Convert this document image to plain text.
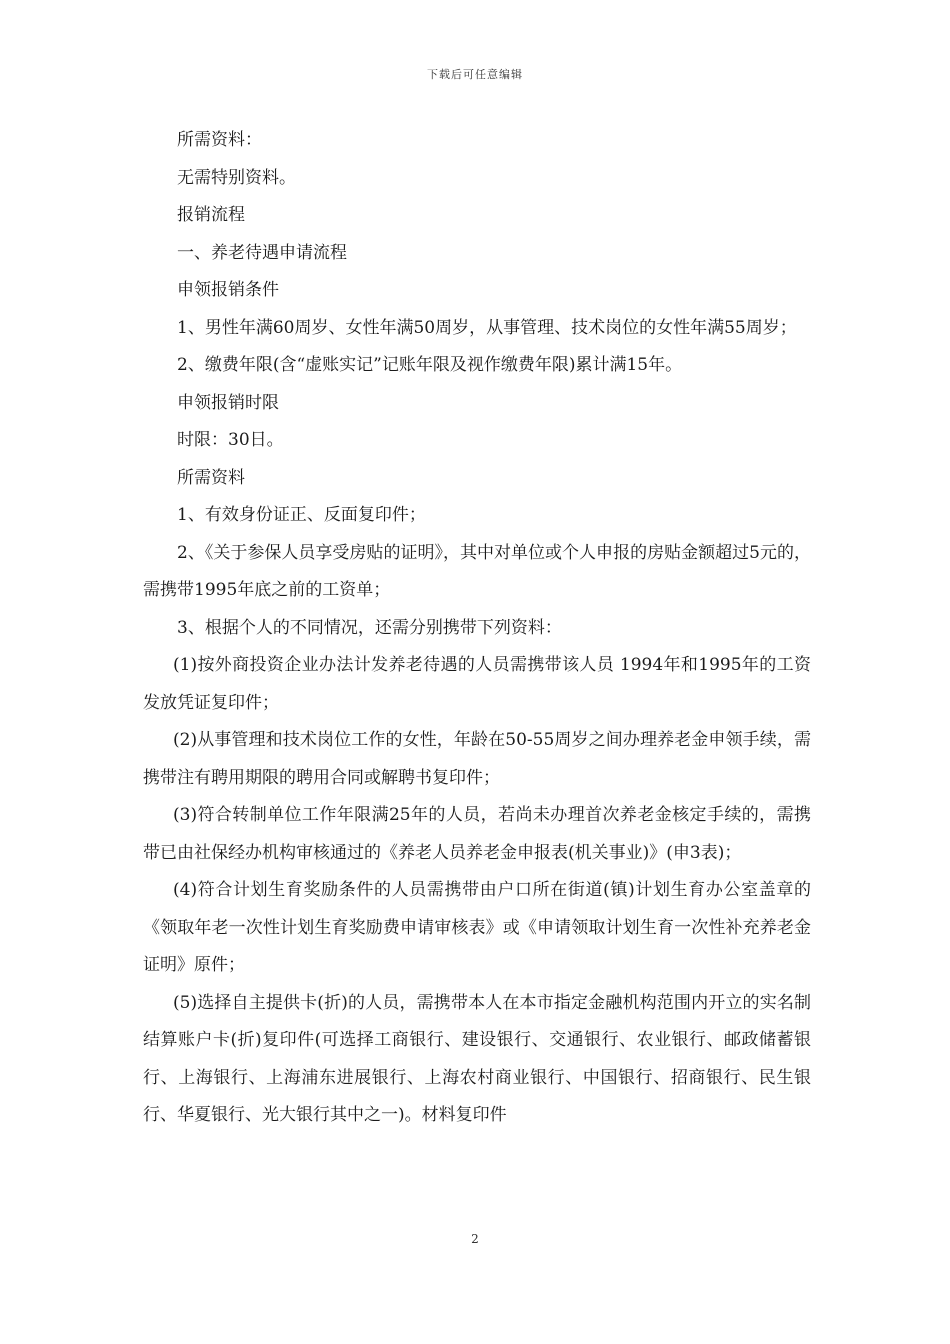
下载后可任意编辑

所需资料：

无需特别资料。

报销流程

一、养老待遇申请流程

申领报销条件

1、男性年满60周岁、女性年满50周岁，从事管理、技术岗位的女性年满55周岁；

2、缴费年限(含“虚账实记”记账年限及视作缴费年限)累计满15年。

申领报销时限

时限：30日。

所需资料

1、有效身份证正、反面复印件；

2、《关于参保人员享受房贴的证明》，其中对单位或个人申报的房贴金额超过5元的，需携带1995年底之前的工资单；

3、根据个人的不同情况，还需分别携带下列资料：

(1)按外商投资企业办法计发养老待遇的人员需携带该人员 1994年和1995年的工资发放凭证复印件；

(2)从事管理和技术岗位工作的女性，年龄在50-55周岁之间办理养老金申领手续，需携带注有聘用期限的聘用合同或解聘书复印件；

(3)符合转制单位工作年限满25年的人员，若尚未办理首次养老金核定手续的，需携带已由社保经办机构审核通过的《养老人员养老金申报表(机关事业)》(申3表)；

(4)符合计划生育奖励条件的人员需携带由户口所在街道(镇)计划生育办公室盖章的《领取年老一次性计划生育奖励费申请审核表》或《申请领取计划生育一次性补充养老金证明》原件；

(5)选择自主提供卡(折)的人员，需携带本人在本市指定金融机构范围内开立的实名制结算账户卡(折)复印件(可选择工商银行、建设银行、交通银行、农业银行、邮政储蓄银行、上海银行、上海浦东进展银行、上海农村商业银行、中国银行、招商银行、民生银行、华夏银行、光大银行其中之一)。材料复印件

2
